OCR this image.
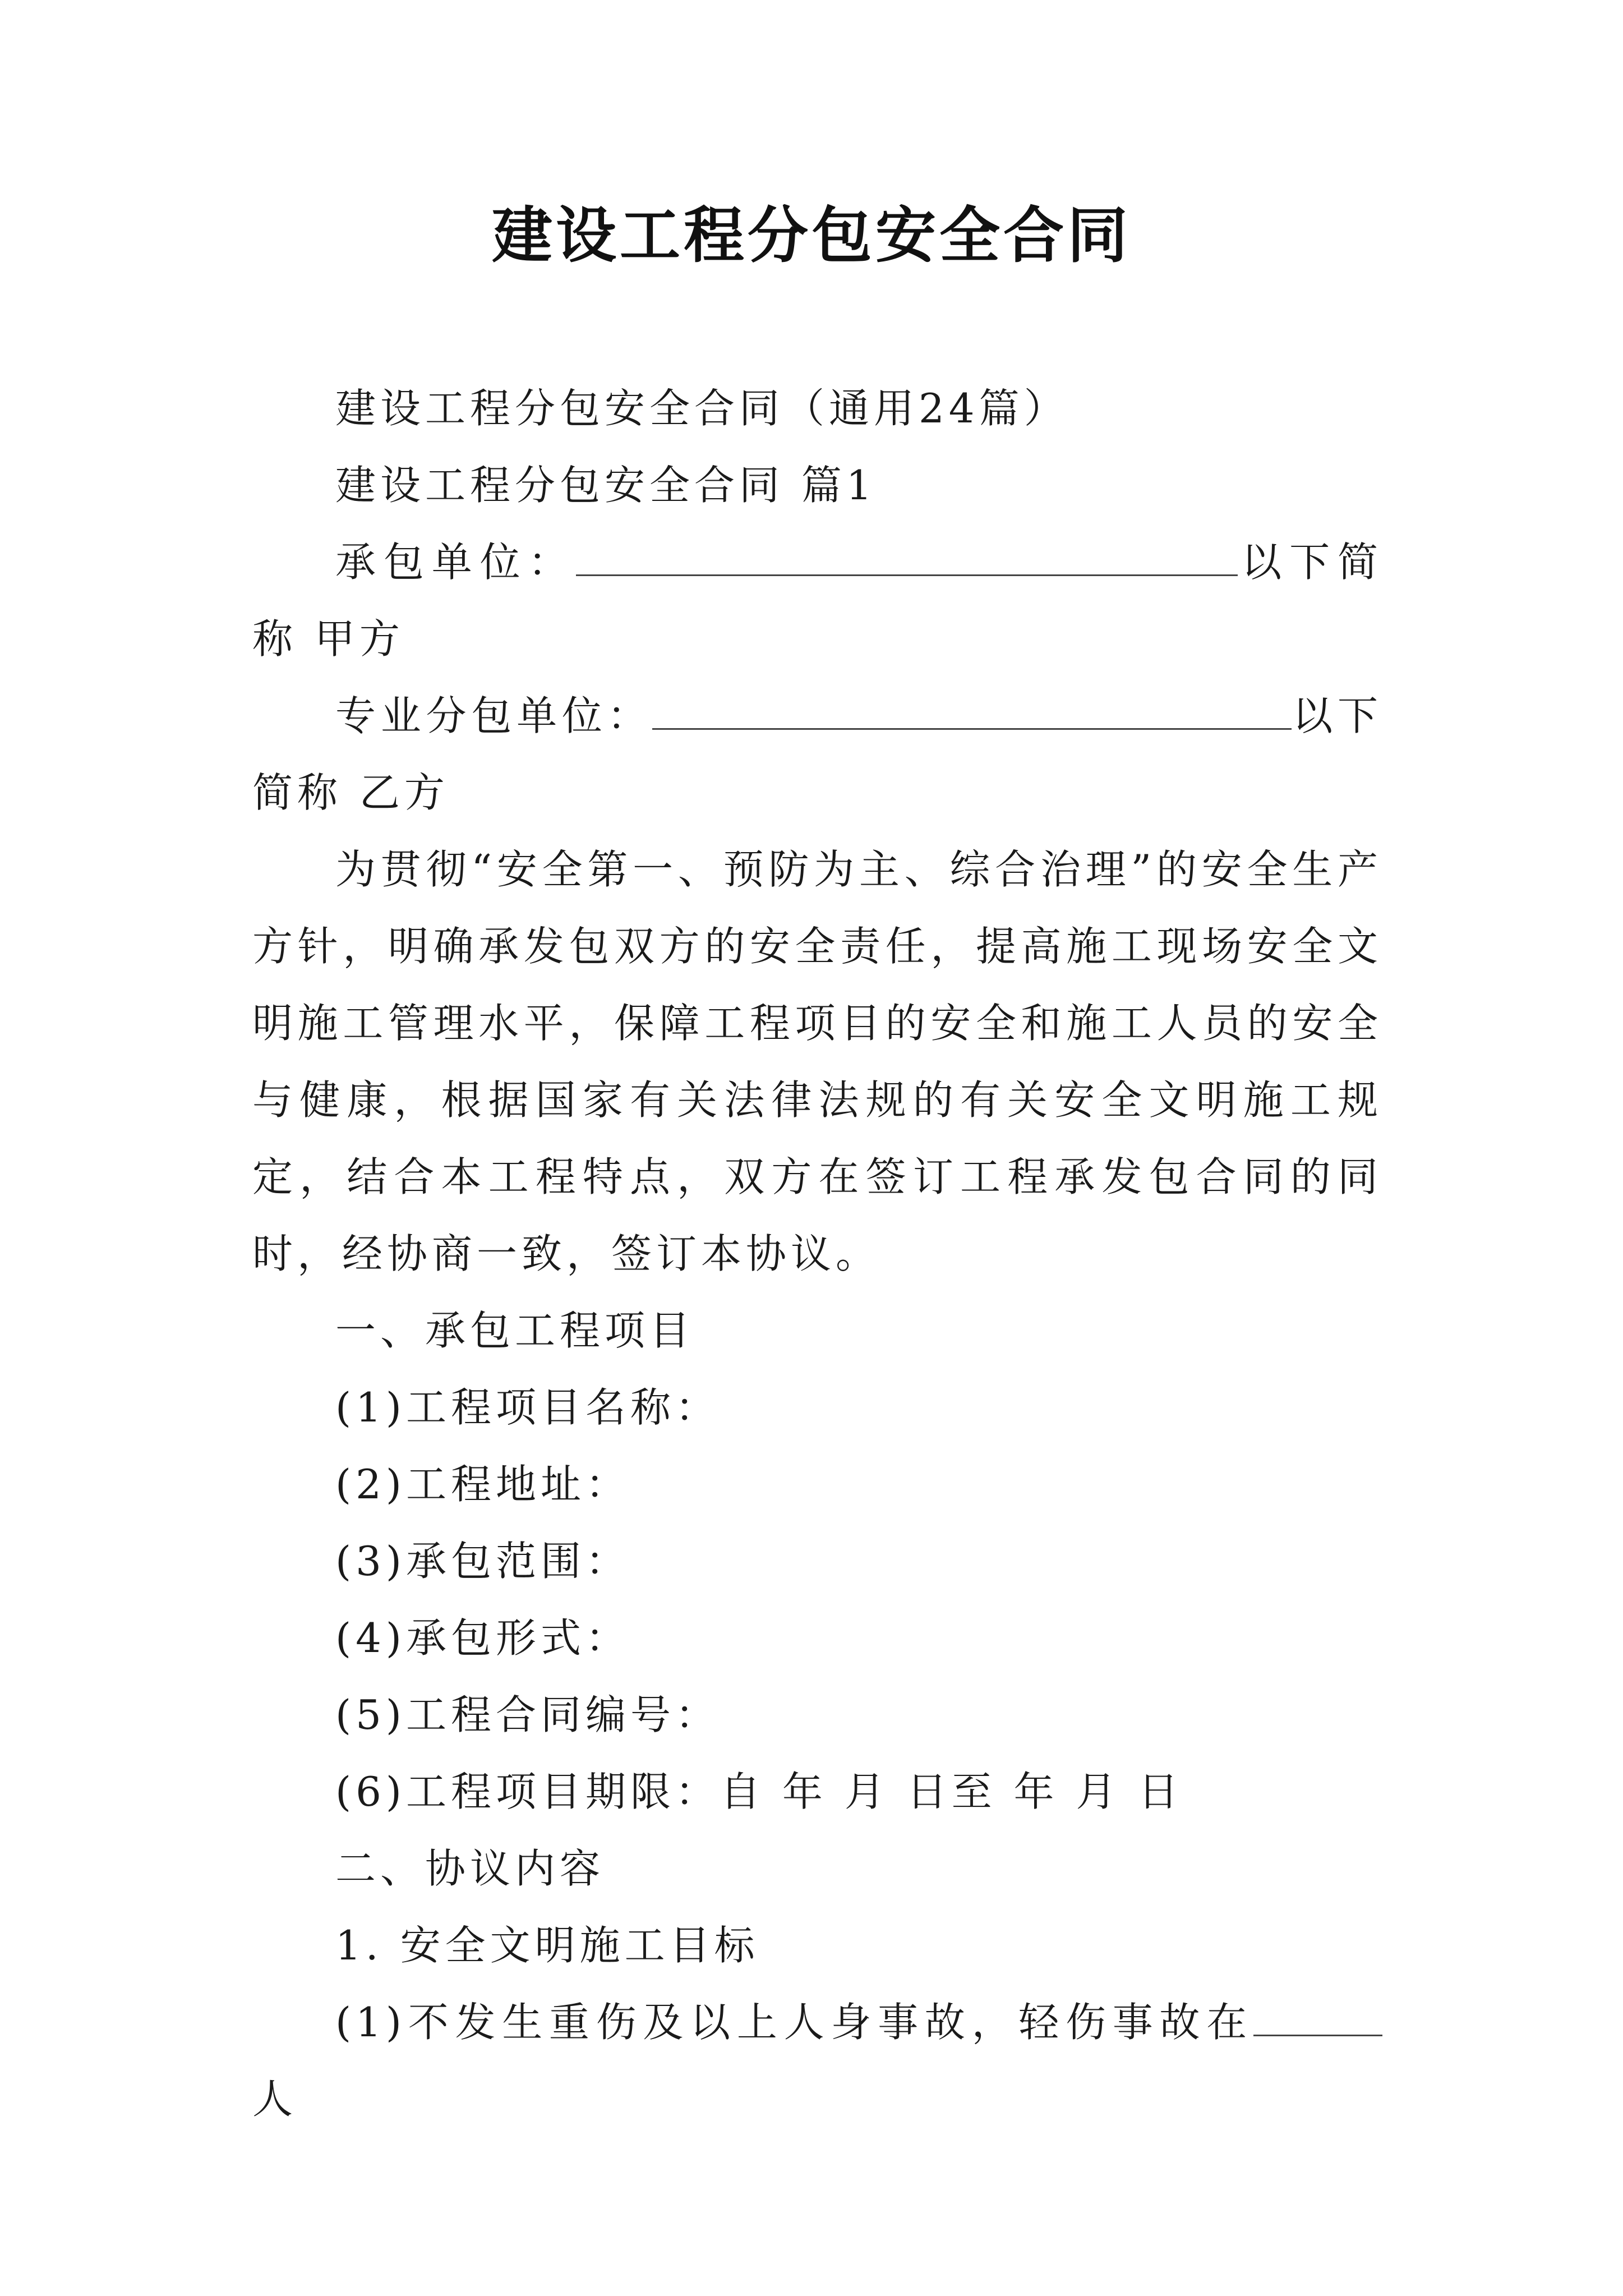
建设工程分包安全合同

建设工程分包安全合同（通用24篇）

建设工程分包安全合同 篇1

承包单位：	以下简称 甲方

专业分包单位：	以下简称 乙方

为贯彻“安全第一、预防为主、综合治理”的安全生产方针，明确承发包双方的安全责任，提高施工现场安全文明施工管理水平，保障工程项目的安全和施工人员的安全与健康，根据国家有关法律法规的有关安全文明施工规定，结合本工程特点，双方在签订工程承发包合同的同时，经协商一致，签订本协议。

一、承包工程项目

(1)工程项目名称：

(2)工程地址：

(3)承包范围：

(4)承包形式：

(5)工程合同编号：

(6)工程项目期限：自 年 月 日至 年 月 日

二、协议内容

1. 安全文明施工目标

(1)不发生重伤及以上人身事故，轻伤事故在人
